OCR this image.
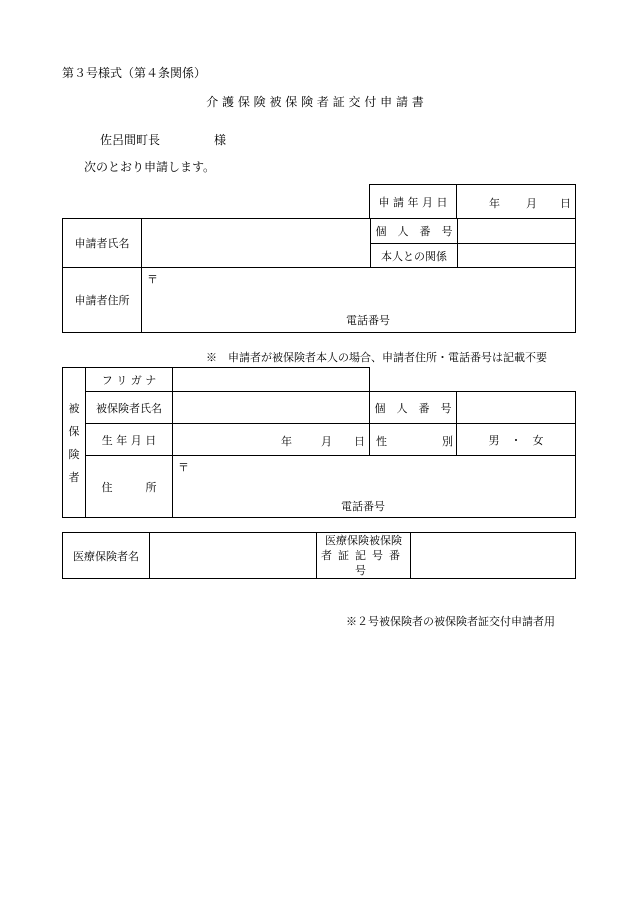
第３号様式（第４条関係）
介 護 保 険 被 保 険 者 証 交 付 申 請 書
佐呂間町長	様
次のとおり申請します。
申 請 年 月 日	年 月 日
申請者氏名		個　人　番　号	
		本人との関係	
申請者住所	〒
電話番号		
※　申請者が被保険者本人の場合、申請者住所・電話番号は記載不要
被
保
険
者	フ リ ガ ナ			
	被保険者氏名		個　人　番　号	
	生 年 月 日	年 月 日	性 別	男　・　女
	住　　　所	〒
電話番号		
医療保険者名		医療保険被保険
者証記号番号	
※２号被保険者の被保険者証交付申請者用
